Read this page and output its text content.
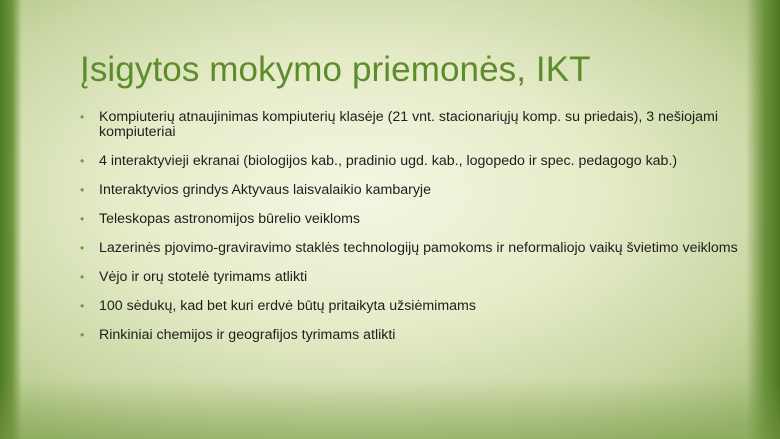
Įsigytos mokymo priemonės, IKT
• Kompiuterių atnaujinimas kompiuterių klasėje (21 vnt. stacionariųjų komp. su priedais), 3 nešiojami kompiuteriai
• 4 interaktyvieji ekranai (biologijos kab., pradinio ugd. kab., logopedo ir spec. pedagogo kab.)
• Interaktyvios grindys Aktyvaus laisvalaikio kambaryje
• Teleskopas astronomijos būrelio veikloms
• Lazerinės pjovimo-graviravimo staklės technologijų pamokoms ir neformaliojo vaikų švietimo veikloms
• Vėjo ir orų stotelė tyrimams atlikti
• 100 sėdukų, kad bet kuri erdvė būtų pritaikyta užsiėmimams
• Rinkiniai chemijos ir geografijos tyrimams atlikti
